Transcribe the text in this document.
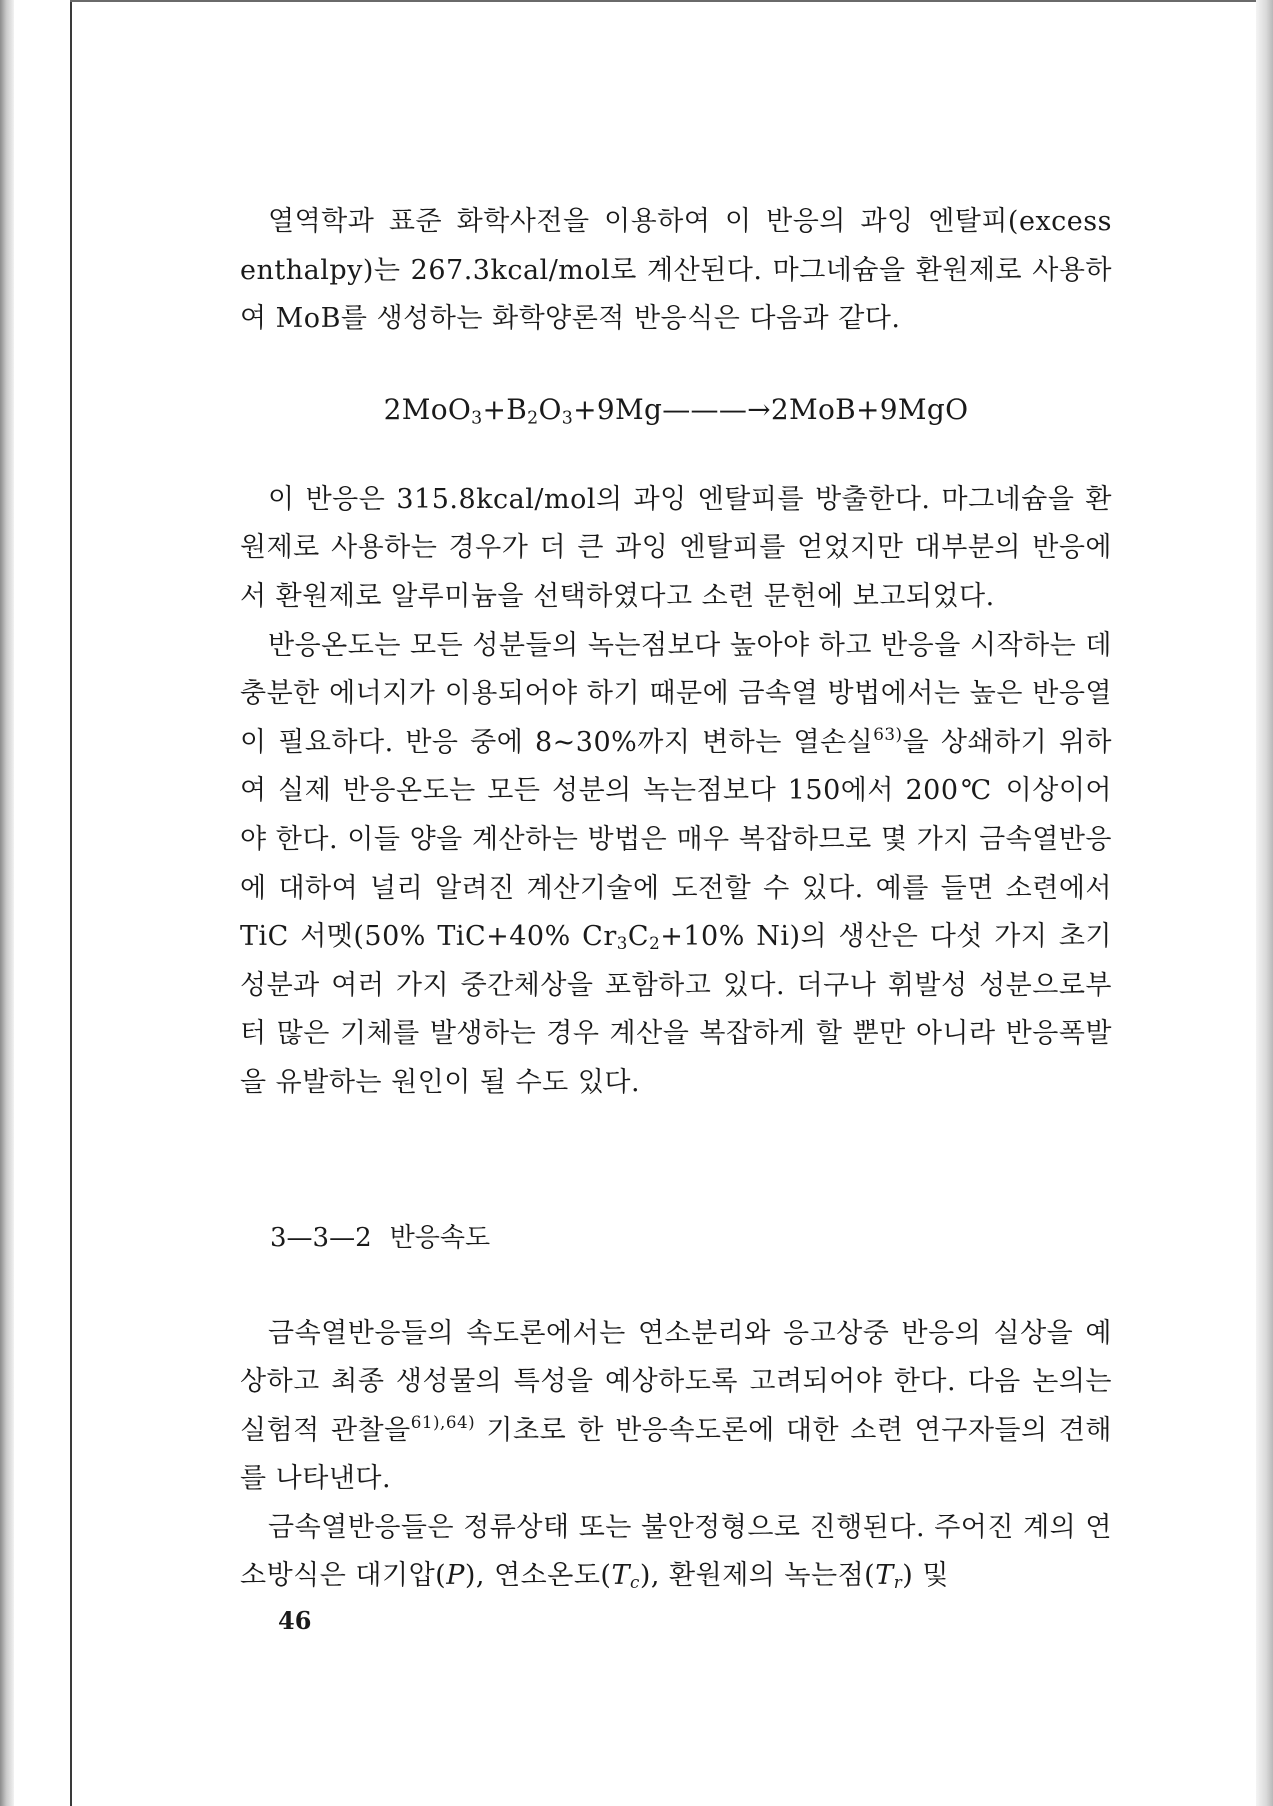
열역학과 표준 화학사전을 이용하여 이 반응의 과잉 엔탈피(excess enthalpy)는 267.3kcal/mol로 계산된다. 마그네슘을 환원제로 사용하여 MoB를 생성하는 화학양론적 반응식은 다음과 같다.

$2MoO_3+B_2O_3+9Mg———\to 2MoB+9MgO$

이 반응은 315.8kcal/mol의 과잉 엔탈피를 방출한다. 마그네슘을 환원제로 사용하는 경우가 더 큰 과잉 엔탈피를 얻었지만 대부분의 반응에서 환원제로 알루미늄을 선택하였다고 소련 문헌에 보고되었다.

반응온도는 모든 성분들의 녹는점보다 높아야 하고 반응을 시작하는 데 충분한 에너지가 이용되어야 하기 때문에 금속열 방법에서는 높은 반응열이 필요하다. 반응 중에 8~30%까지 변하는 열손실$^{63)}$을 상쇄하기 위하여 실제 반응온도는 모든 성분의 녹는점보다 150에서 200℃ 이상이어야 한다. 이들 양을 계산하는 방법은 매우 복잡하므로 몇 가지 금속열반응에 대하여 널리 알려진 계산기술에 도전할 수 있다. 예를 들면 소련에서 TiC 서멧(50% TiC+40% $Cr_3C_2+10\%$ Ni)의 생산은 다섯 가지 초기 성분과 여러 가지 중간체상을 포함하고 있다. 더구나 휘발성 성분으로부터 많은 기체를 발생하는 경우 계산을 복잡하게 할 뿐만 아니라 반응폭발을 유발하는 원인이 될 수도 있다.

3—3—2 반응속도

금속열반응들의 속도론에서는 연소분리와 응고상중 반응의 실상을 예상하고 최종 생성물의 특성을 예상하도록 고려되어야 한다. 다음 논의는 실험적 관찰을$^{61),64)}$ 기초로 한 반응속도론에 대한 소련 연구자들의 견해를 나타낸다.

금속열반응들은 정류상태 또는 불안정형으로 진행된다. 주어진 계의 연소방식은 대기압(P), 연소온도$(T_c)$, 환원제의 녹는점$(T_r)$ 및

46
